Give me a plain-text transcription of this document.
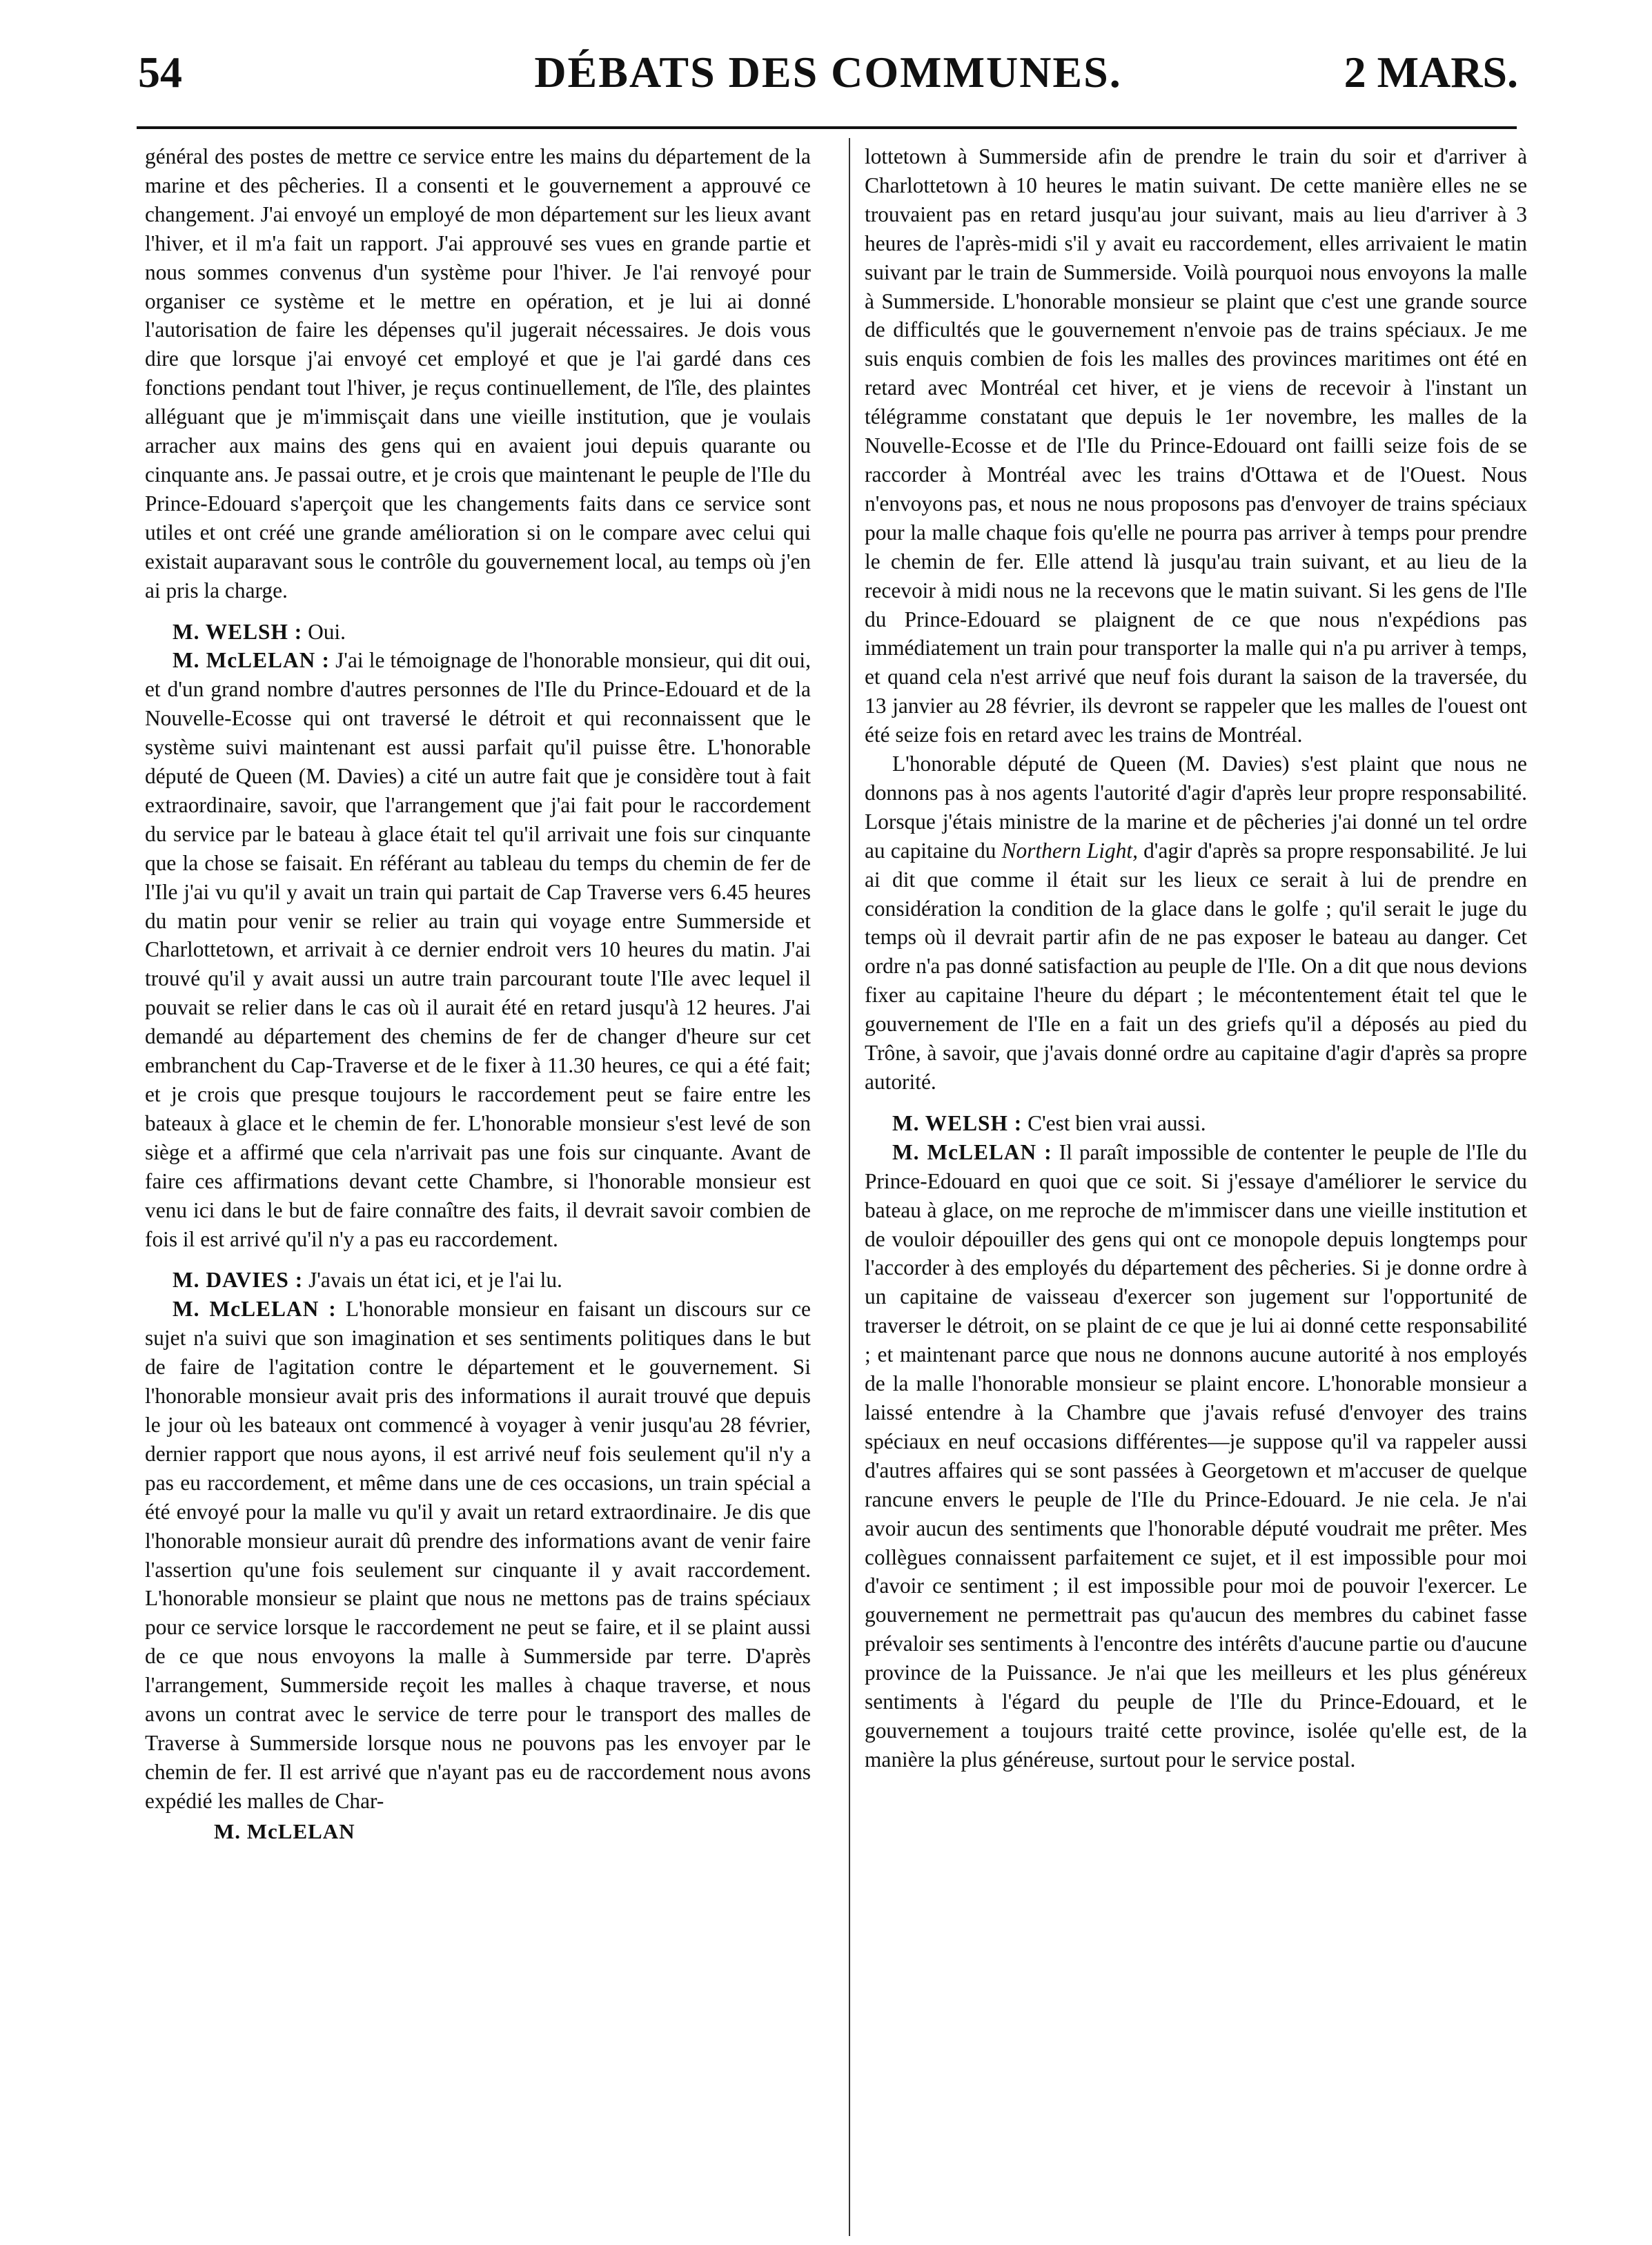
54	DÉBATS DES COMMUNES.	2 MARS.

général des postes de mettre ce service entre les mains du département de la marine et des pêcheries. Il a consenti et le gouvernement a approuvé ce changement. J'ai envoyé un employé de mon département sur les lieux avant l'hiver, et il m'a fait un rapport. J'ai approuvé ses vues en grande partie et nous sommes convenus d'un système pour l'hiver. Je l'ai renvoyé pour organiser ce système et le mettre en opération, et je lui ai donné l'autorisation de faire les dépenses qu'il jugerait nécessaires. Je dois vous dire que lorsque j'ai envoyé cet employé et que je l'ai gardé dans ces fonctions pendant tout l'hiver, je reçus continuellement, de l'île, des plaintes alléguant que je m'immisçait dans une vieille institution, que je voulais arracher aux mains des gens qui en avaient joui depuis quarante ou cinquante ans. Je passai outre, et je crois que maintenant le peuple de l'Ile du Prince-Edouard s'aperçoit que les changements faits dans ce service sont utiles et ont créé une grande amélioration si on le compare avec celui qui existait auparavant sous le contrôle du gouvernement local, au temps où j'en ai pris la charge.

M. WELSH : Oui.

M. McLELAN : J'ai le témoignage de l'honorable monsieur, qui dit oui, et d'un grand nombre d'autres personnes de l'Ile du Prince-Edouard et de la Nouvelle-Ecosse qui ont traversé le détroit et qui reconnaissent que le système suivi maintenant est aussi parfait qu'il puisse être. L'honorable député de Queen (M. Davies) a cité un autre fait que je considère tout à fait extraordinaire, savoir, que l'arrangement que j'ai fait pour le raccordement du service par le bateau à glace était tel qu'il arrivait une fois sur cinquante que la chose se faisait. En référant au tableau du temps du chemin de fer de l'Ile j'ai vu qu'il y avait un train qui partait de Cap Traverse vers 6.45 heures du matin pour venir se relier au train qui voyage entre Summerside et Charlottetown, et arrivait à ce dernier endroit vers 10 heures du matin. J'ai trouvé qu'il y avait aussi un autre train parcourant toute l'Ile avec lequel il pouvait se relier dans le cas où il aurait été en retard jusqu'à 12 heures. J'ai demandé au département des chemins de fer de changer d'heure sur cet embranchent du Cap-Traverse et de le fixer à 11.30 heures, ce qui a été fait; et je crois que presque toujours le raccordement peut se faire entre les bateaux à glace et le chemin de fer. L'honorable monsieur s'est levé de son siège et a affirmé que cela n'arrivait pas une fois sur cinquante. Avant de faire ces affirmations devant cette Chambre, si l'honorable monsieur est venu ici dans le but de faire connaître des faits, il devrait savoir combien de fois il est arrivé qu'il n'y a pas eu raccordement.

M. DAVIES : J'avais un état ici, et je l'ai lu.

M. McLELAN : L'honorable monsieur en faisant un discours sur ce sujet n'a suivi que son imagination et ses sentiments politiques dans le but de faire de l'agitation contre le département et le gouvernement. Si l'honorable monsieur avait pris des informations il aurait trouvé que depuis le jour où les bateaux ont commencé à voyager à venir jusqu'au 28 février, dernier rapport que nous ayons, il est arrivé neuf fois seulement qu'il n'y a pas eu raccordement, et même dans une de ces occasions, un train spécial a été envoyé pour la malle vu qu'il y avait un retard extraordinaire. Je dis que l'honorable monsieur aurait dû prendre des informations avant de venir faire l'assertion qu'une fois seulement sur cinquante il y avait raccordement. L'honorable monsieur se plaint que nous ne mettons pas de trains spéciaux pour ce service lorsque le raccordement ne peut se faire, et il se plaint aussi de ce que nous envoyons la malle à Summerside par terre. D'après l'arrangement, Summerside reçoit les malles à chaque traverse, et nous avons un contrat avec le service de terre pour le transport des malles de Traverse à Summerside lorsque nous ne pouvons pas les envoyer par le chemin de fer. Il est arrivé que n'ayant pas eu de raccordement nous avons expédié les malles de Char-

M. McLELAN

lottetown à Summerside afin de prendre le train du soir et d'arriver à Charlottetown à 10 heures le matin suivant. De cette manière elles ne se trouvaient pas en retard jusqu'au jour suivant, mais au lieu d'arriver à 3 heures de l'après-midi s'il y avait eu raccordement, elles arrivaient le matin suivant par le train de Summerside. Voilà pourquoi nous envoyons la malle à Summerside. L'honorable monsieur se plaint que c'est une grande source de difficultés que le gouvernement n'envoie pas de trains spéciaux. Je me suis enquis combien de fois les malles des provinces maritimes ont été en retard avec Montréal cet hiver, et je viens de recevoir à l'instant un télégramme constatant que depuis le 1er novembre, les malles de la Nouvelle-Ecosse et de l'Ile du Prince-Edouard ont failli seize fois de se raccorder à Montréal avec les trains d'Ottawa et de l'Ouest. Nous n'envoyons pas, et nous ne nous proposons pas d'envoyer de trains spéciaux pour la malle chaque fois qu'elle ne pourra pas arriver à temps pour prendre le chemin de fer. Elle attend là jusqu'au train suivant, et au lieu de la recevoir à midi nous ne la recevons que le matin suivant. Si les gens de l'Ile du Prince-Edouard se plaignent de ce que nous n'expédions pas immédiatement un train pour transporter la malle qui n'a pu arriver à temps, et quand cela n'est arrivé que neuf fois durant la saison de la traversée, du 13 janvier au 28 février, ils devront se rappeler que les malles de l'ouest ont été seize fois en retard avec les trains de Montréal.

L'honorable député de Queen (M. Davies) s'est plaint que nous ne donnons pas à nos agents l'autorité d'agir d'après leur propre responsabilité. Lorsque j'étais ministre de la marine et de pêcheries j'ai donné un tel ordre au capitaine du Northern Light, d'agir d'après sa propre responsabilité. Je lui ai dit que comme il était sur les lieux ce serait à lui de prendre en considération la condition de la glace dans le golfe ; qu'il serait le juge du temps où il devrait partir afin de ne pas exposer le bateau au danger. Cet ordre n'a pas donné satisfaction au peuple de l'Ile. On a dit que nous devions fixer au capitaine l'heure du départ ; le mécontentement était tel que le gouvernement de l'Ile en a fait un des griefs qu'il a déposés au pied du Trône, à savoir, que j'avais donné ordre au capitaine d'agir d'après sa propre autorité.

M. WELSH : C'est bien vrai aussi.

M. McLELAN : Il paraît impossible de contenter le peuple de l'Ile du Prince-Edouard en quoi que ce soit. Si j'essaye d'améliorer le service du bateau à glace, on me reproche de m'immiscer dans une vieille institution et de vouloir dépouiller des gens qui ont ce monopole depuis longtemps pour l'accorder à des employés du département des pêcheries. Si je donne ordre à un capitaine de vaisseau d'exercer son jugement sur l'opportunité de traverser le détroit, on se plaint de ce que je lui ai donné cette responsabilité ; et maintenant parce que nous ne donnons aucune autorité à nos employés de la malle l'honorable monsieur se plaint encore. L'honorable monsieur a laissé entendre à la Chambre que j'avais refusé d'envoyer des trains spéciaux en neuf occasions différentes—je suppose qu'il va rappeler aussi d'autres affaires qui se sont passées à Georgetown et m'accuser de quelque rancune envers le peuple de l'Ile du Prince-Edouard. Je nie cela. Je n'ai avoir aucun des sentiments que l'honorable député voudrait me prêter. Mes collègues connaissent parfaitement ce sujet, et il est impossible pour moi d'avoir ce sentiment ; il est impossible pour moi de pouvoir l'exercer. Le gouvernement ne permettrait pas qu'aucun des membres du cabinet fasse prévaloir ses sentiments à l'encontre des intérêts d'aucune partie ou d'aucune province de la Puissance. Je n'ai que les meilleurs et les plus généreux sentiments à l'égard du peuple de l'Ile du Prince-Edouard, et le gouvernement a toujours traité cette province, isolée qu'elle est, de la manière la plus généreuse, surtout pour le service postal.
